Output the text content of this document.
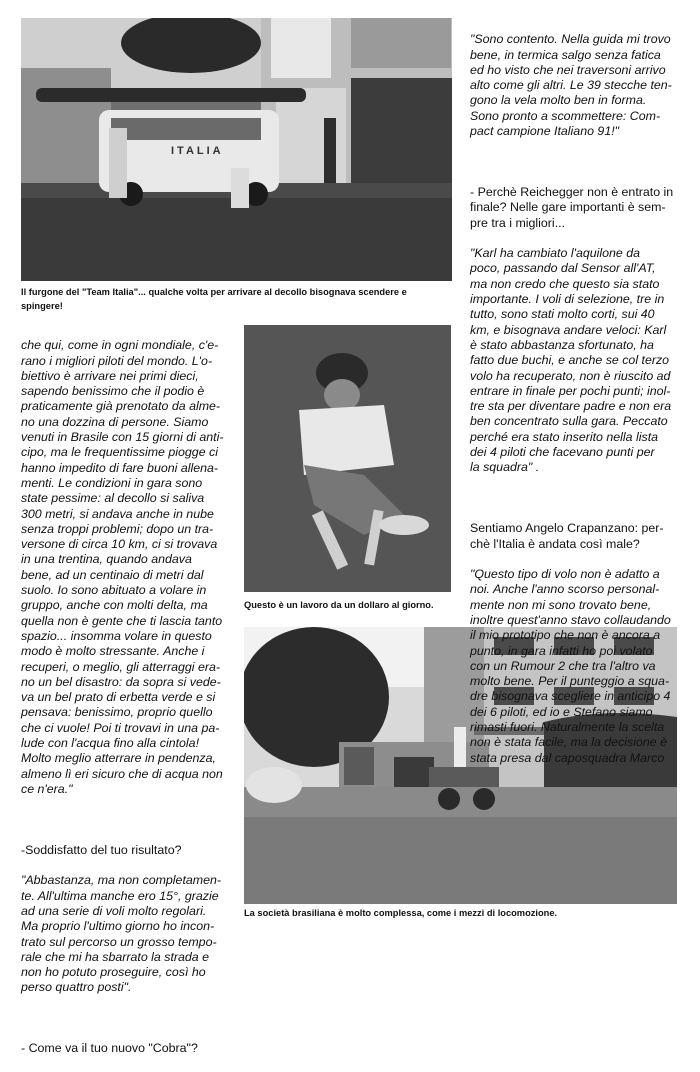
ITALIA
Il furgone del "Team Italia"... qualche volta per arrivare al decollo bisognava scendere e
spingere!
Questo è un lavoro da un dollaro al giorno.
La società brasiliana è molto complessa, come i mezzi di locomozione.

che qui, come in ogni mondiale, c'e-
rano i migliori piloti del mondo. L'o-
biettivo è arrivare nei primi dieci,
sapendo benissimo che il podio è
praticamente già prenotato da almе-
no una dozzina di persone. Siamo
venuti in Brasile con 15 giorni di anti-
cipo, ma le frequentissime piogge ci
hanno impedito di fare buoni allena-
menti. Le condizioni in gara sono
state pessime: al decollo si saliva
300 metri, si andava anche in nube
senza troppi problemi; dopo un tra-
versone di circa 10 km, ci si trovava
in una trentina, quando andava
bene, ad un centinaio di metri dal
suolo. Io sono abituato a volare in
gruppo, anche con molti delta, ma
quella non è gente che ti lascia tanto
spazio... insomma volare in questo
modo è molto stressante. Anche i
recuperi, o meglio, gli atterraggi era-
no un bel disastro: da sopra si vede-
va un bel prato di erbetta verde e si
pensava: benissimo, proprio quello
che ci vuole! Poi ti trovavi in una pa-
lude con l'acqua fino alla cintola!
Molto meglio atterrare in pendenza,
almeno lì eri sicuro che di acqua non
ce n'era."

-Soddisfatto del tuo risultato?

"Abbastanza, ma non completamen-
te. All'ultima manche ero 15°, grazie
ad una serie di voli molto regolari.
Ma proprio l'ultimo giorno ho incon-
trato sul percorso un grosso tempo-
rale che mi ha sbarrato la strada e
non ho potuto proseguire, così ho
perso quattro posti".

- Come va il tuo nuovo "Cobra"?

"Sono contento. Nella guida mi trovo
bene, in termica salgo senza fatica
ed ho visto che nei traversoni arrivo
alto come gli altri. Le 39 stecche ten-
gono la vela molto ben in forma.
Sono pronto a scommettere: Com-
pact campione Italiano 91!"

- Perchè Reichegger non è entrato in
finale? Nelle gare importanti è sem-
pre tra i migliori...

"Karl ha cambiato l'aquilone da
poco, passando dal Sensor all'AT,
ma non credo che questo sia stato
importante. I voli di selezione, tre in
tutto, sono stati molto corti, sui 40
km, e bisognava andare veloci: Karl
è stato abbastanza sfortunato, ha
fatto due buchi, e anche se col terzo
volo ha recuperato, non è riuscito ad
entrare in finale per pochi punti; inol-
tre sta per diventare padre e non era
ben concentrato sulla gara. Peccato
perché era stato inserito nella lista
dei 4 piloti che facevano punti per
la squadra" .

Sentiamo Angelo Crapanzano: per-
chè l'Italia è andata così male?

"Questo tipo di volo non è adatto a
noi. Anche l'anno scorso personal-
mente non mi sono trovato bene,
inoltre quest'anno stavo collaudando
il mio prototipo che non è ancora a
punto, in gara infatti ho poi volato
con un Rumour 2 che tra l'altro va
molto bene. Per il punteggio a squa-
dre bisognava scegliere in anticipo 4
dei 6 piloti, ed io e Stefano siamo
rimasti fuori. Naturalmente la scelta
non è stata facile, ma la decisione è
stata presa dal caposquadra Marco
